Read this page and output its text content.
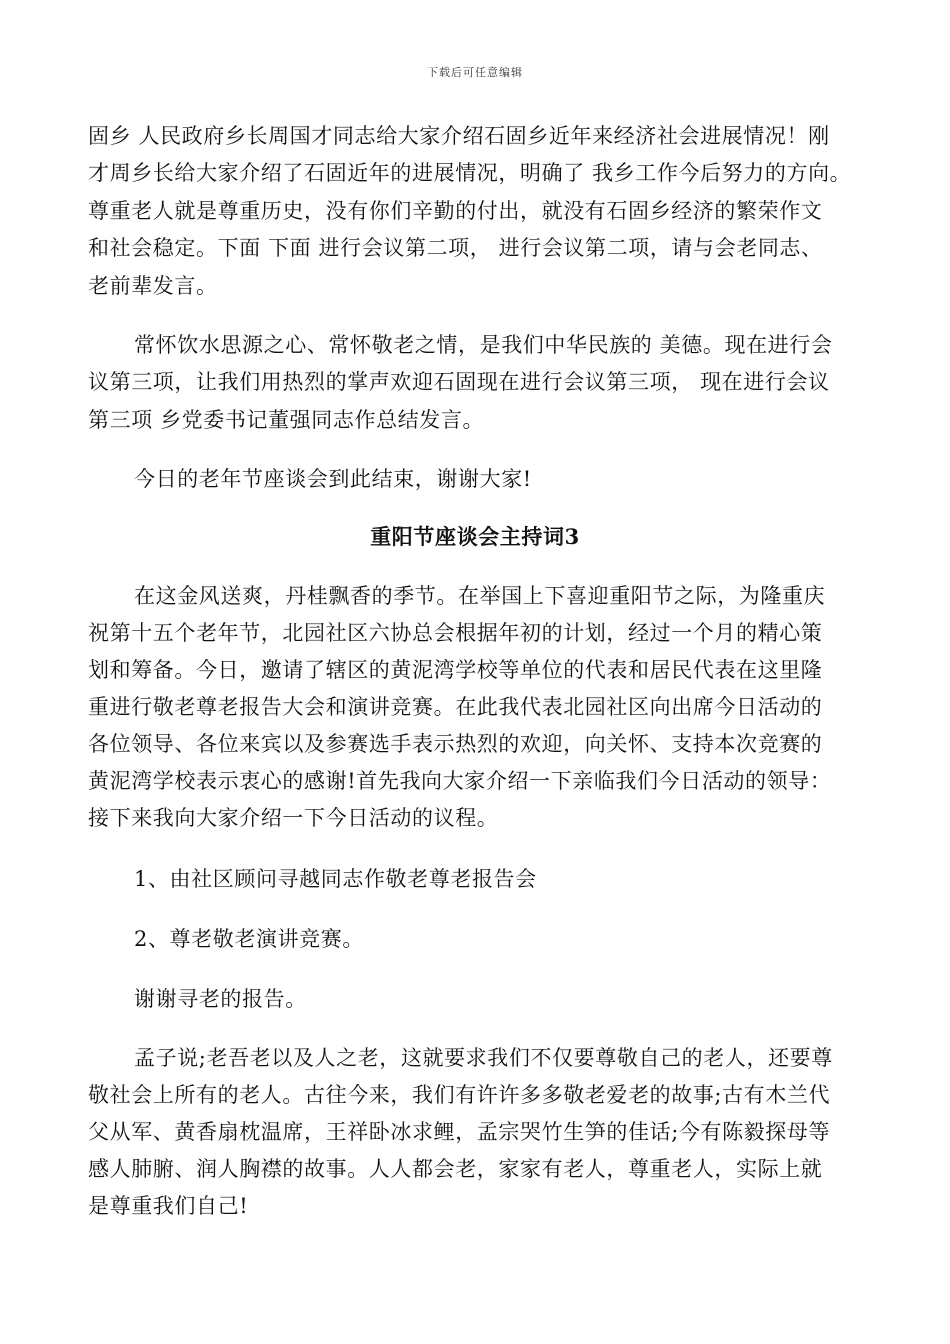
下载后可任意编辑
固乡 人民政府乡长周国才同志给大家介绍石固乡近年来经济社会进展情况！刚
才周乡长给大家介绍了石固近年的进展情况，明确了 我乡工作今后努力的方向。
尊重老人就是尊重历史，没有你们辛勤的付出，就没有石固乡经济的繁荣作文
和社会稳定。下面 下面 进行会议第二项， 进行会议第二项，请与会老同志、
老前辈发言。
常怀饮水思源之心、常怀敬老之情，是我们中华民族的 美德。现在进行会
议第三项，让我们用热烈的掌声欢迎石固现在进行会议第三项， 现在进行会议
第三项 乡党委书记董强同志作总结发言。
今日的老年节座谈会到此结束，谢谢大家!
重阳节座谈会主持词3
在这金风送爽，丹桂飘香的季节。在举国上下喜迎重阳节之际，为隆重庆
祝第十五个老年节，北园社区六协总会根据年初的计划，经过一个月的精心策
划和筹备。今日，邀请了辖区的黄泥湾学校等单位的代表和居民代表在这里隆
重进行敬老尊老报告大会和演讲竞赛。在此我代表北园社区向出席今日活动的
各位领导、各位来宾以及参赛选手表示热烈的欢迎，向关怀、支持本次竞赛的
黄泥湾学校表示衷心的感谢!首先我向大家介绍一下亲临我们今日活动的领导：
接下来我向大家介绍一下今日活动的议程。
1、由社区顾问寻越同志作敬老尊老报告会
2、尊老敬老演讲竞赛。
谢谢寻老的报告。
孟子说;老吾老以及人之老，这就要求我们不仅要尊敬自己的老人，还要尊
敬社会上所有的老人。古往今来，我们有许许多多敬老爱老的故事;古有木兰代
父从军、黄香扇枕温席，王祥卧冰求鲤，孟宗哭竹生笋的佳话;今有陈毅探母等
感人肺腑、润人胸襟的故事。人人都会老，家家有老人，尊重老人，实际上就
是尊重我们自己!
